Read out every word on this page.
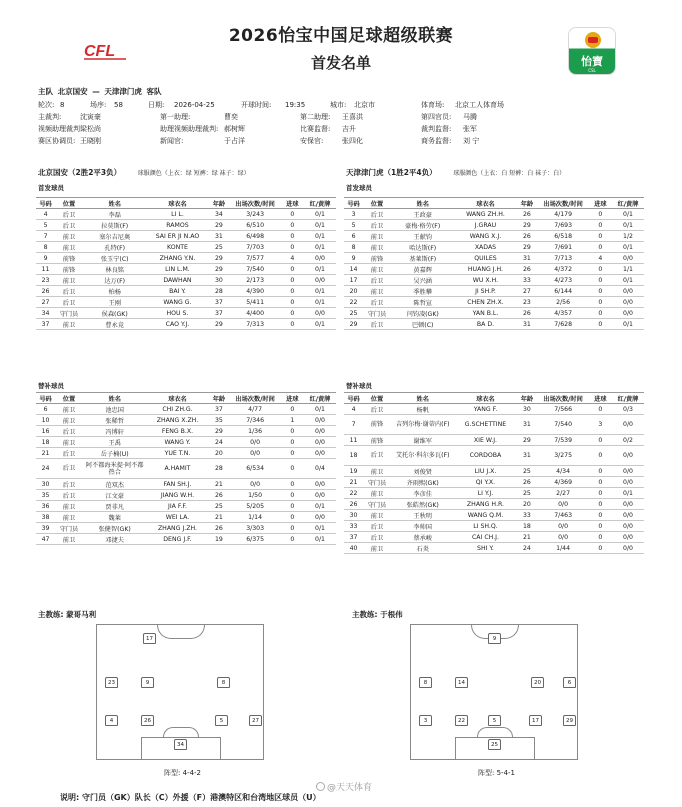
CFL
2026怡宝中国足球超级联赛
首发名单	怡寶
CSL
主队 北京国安 — 天津津门虎 客队
轮次: 8	场序: 58	日期: 2026-04-25	开球时间: 19:35	城市: 北京市	体育场: 北京工人体育场
主裁判:	沈寅豪	第一助理:	曹奕	第二助理: 王喜洪	第四官员: 马腾
视频助理裁判:
梁松尚	助理视频助理裁判: 郝树辉	比赛监督: 吉升	裁判监督: 张军
赛区协调员: 王晓刚	新闻官:	于占洋	安保官:	张四化	商务监督: 刘 宁
北京国安（2胜2平3负）	球服颜色（上衣：绿 短裤：绿 袜子：绿）	天津津门虎（1胜2平4负）	球服颜色（上衣：白 短裤：白 袜子：白）
首发球员	首发球员
号码	位置	姓名	球衣名	年龄	出场次数/时间	进球	红/黄牌
4	后卫	李磊	LI L.	34	3/243	0	0/1
5	后卫	拉莫斯(F)	RAMOS	29	6/510	0	0/1
7	前卫	塞尔吉尼奥	SAI ER JI N.AO	31	6/498	0	0/1
8	前卫	孔特(F)	KONTE	25	7/703	0	0/1
9	前锋	张玉宁(C)	ZHANG Y.N.	29	7/577	4	0/0
11	前锋	林良铭	LIN L.M.	29	7/540	0	0/1
23	前卫	达万(F)	DAWHAN	30	2/173	0	0/0
26	后卫	柏杨	BAI Y.	28	4/390	0	0/1
27	后卫	王刚	WANG G.	37	5/411	0	0/1
34	守门员	侯森(GK)	HOU S.	37	4/400	0	0/0
37	前卫	曹永竞	CAO Y.J.	29	7/313	0	0/1
号码	位置	姓名	球衣名	年龄	出场次数/时间	进球	红/黄牌
3	后卫	王政豪	WANG ZH.H.	26	4/179	0	0/1
5	后卫	豪梅·格劳(F)	J.GRAU	29	7/693	0	0/1
6	前卫	王献钧	WANG X.J.	26	6/518	0	1/2
8	前卫	哈达斯(F)	XADAS	29	7/691	0	0/1
9	前锋	基莱斯(F)	QUILES	31	7/713	4	0/0
14	前卫	黄嘉辉	HUANG J.H.	26	4/372	0	1/1
17	后卫	吴兴涵	WU X.H.	33	4/273	0	0/1
20	前卫	季胜攀	JI SH.P.	27	6/144	0	0/0
22	后卫	陈哲宣	CHEN ZH.X.	23	2/56	0	0/0
25	守门员	闫钧凌(GK)	YAN B.L.	26	4/357	0	0/0
29	后卫	巴顿(C)	BA D.	31	7/628	0	0/1
替补球员	替补球员
号码	位置	姓名	球衣名	年龄	出场次数/时间	进球	红/黄牌
6	前卫	池忠国	CHI ZH.G.	37	4/77	0	0/1
10	前卫	张稀哲	ZHANG X.ZH.	35	7/346	1	0/0
16	后卫	冯博轩	FENG B.X.	29	1/36	0	0/0
18	前卫	王禹	WANG Y.	24	0/0	0	0/0
21	后卫	岳子楠(U)	YUE T.N.	20	0/0	0	0/0
24	后卫	阿不都海米提·阿不都热合	A.HAMIT	28	6/534	0	0/4
30	后卫	范双杰	FAN SH.J.	21	0/0	0	0/0
35	后卫	江文豪	JIANG W.H.	26	1/50	0	0/0
36	前卫	贾非凡	JIA F.F.	25	5/205	0	0/1
38	前卫	魏莱	WEI LA.	21	1/14	0	0/0
39	守门员	张健智(GK)	ZHANG J.ZH.	26	3/303	0	0/1
47	前卫	邓捷夫	DENG J.F.	19	6/375	0	0/1
号码	位置	姓名	球衣名	年龄	出场次数/时间	进球	红/黄牌
4	后卫	杨帆	YANG F.	30	7/566	0	0/3
7	前锋	吉列尔梅·谢蒂内(F)	G.SCHETTINE	31	7/540	3	0/0
11	前锋	谢维军	XIE W.J.	29	7/539	0	0/2
18	后卫	艾托尔·科尔多瓦(F)	CORDOBA	31	3/275	0	0/0
19	前卫	刘俊贤	LIU J.X.	25	4/34	0	0/0
21	守门员	齐雨熙(GK)	QI Y.X.	26	4/369	0	0/0
22	前卫	李彦佳	LI Y.J.	25	2/27	0	0/1
26	守门员	张皓然(GK)	ZHANG H.R.	20	0/0	0	0/0
30	前卫	王秋明	WANG Q.M.	33	7/463	0	0/0
33	后卫	李帅国	LI SH.Q.	18	0/0	0	0/0
37	后卫	蔡承峻	CAI CH.J.	21	0/0	0	0/0
40	前卫	石炎	SHI Y.	24	1/44	0	0/0
主教练: 蒙哥马利	主教练: 于根伟
17
23	9	8
4	26	5	27
34
9
14	20
8	6
3	22	5	17	29
25
阵型: 4-4-2	阵型: 5-4-1
@天天体育
说明: 守门员（GK）队长（C）外援（F）港澳特区和台湾地区球员（U）
